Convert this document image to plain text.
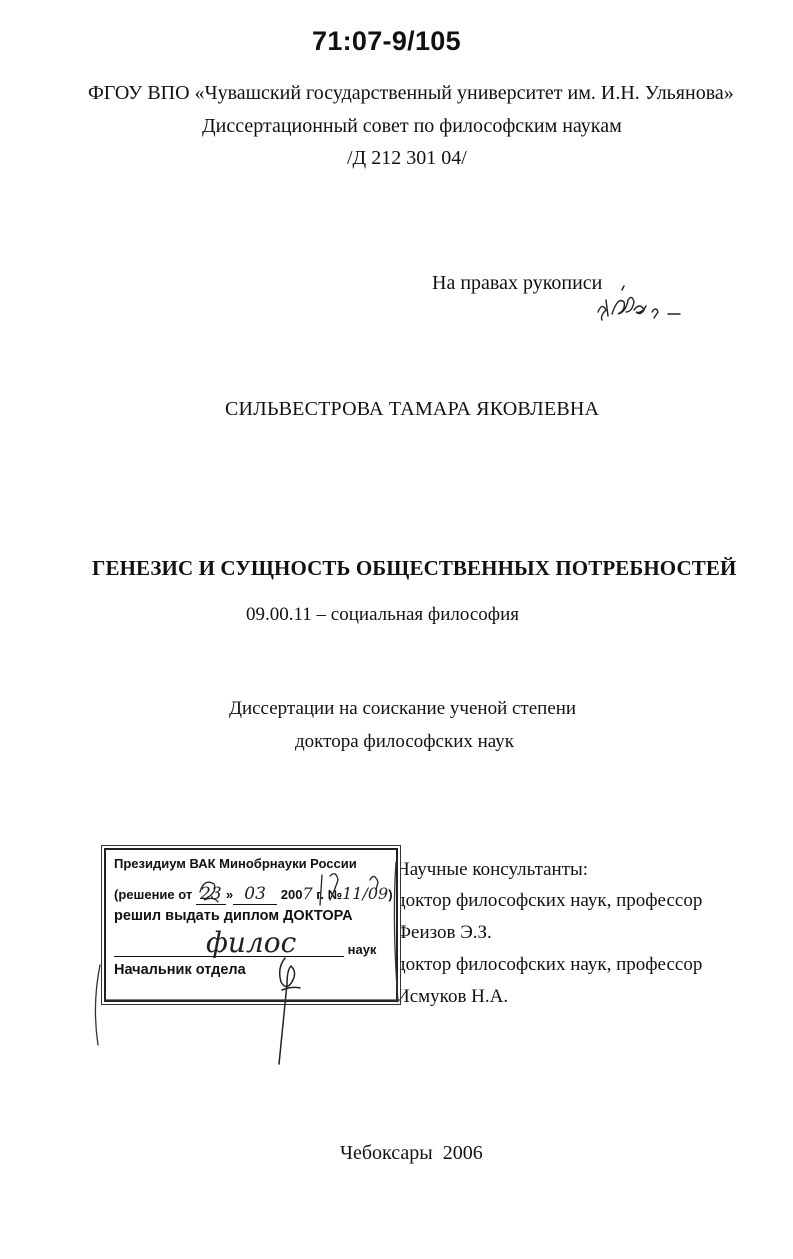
71:07-9/105
ФГОУ ВПО «Чувашский государственный университет им. И.Н. Ульянова»
Диссертационный совет по философским наукам
/Д 212 301 04/
На правах рукописи
СИЛЬВЕСТРОВА ТАМАРА ЯКОВЛЕВНА
ГЕНЕЗИС И СУЩНОСТЬ ОБЩЕСТВЕННЫХ ПОТРЕБНОСТЕЙ
09.00.11 – социальная философия
Диссертации на соискание ученой степени
доктора философских наук
Научные консультанты:
доктор философских наук, профессор
Феизов Э.З.
доктор философских наук, профессор
Исмуков Н.А.
Президиум ВАК Минобрнауки России
(решение от 23 » 03 2007 г. №11/09)
решил выдать диплом ДОКТОРА
филос	наук
Начальник отдела
Чебоксары  2006
